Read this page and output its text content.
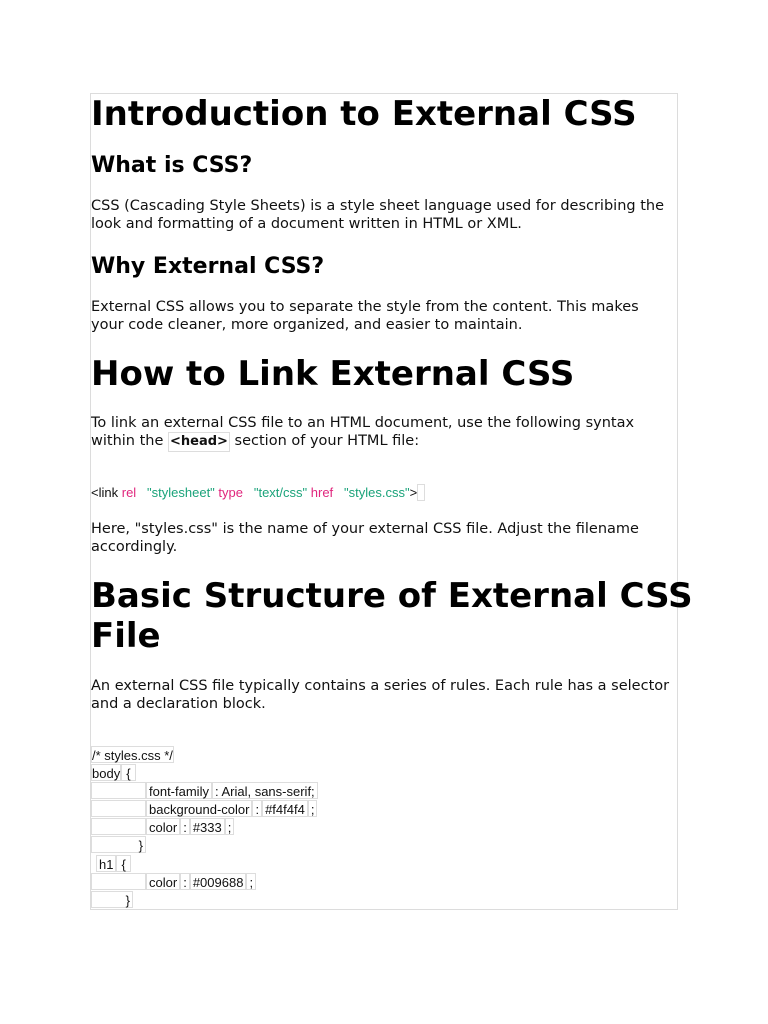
Introduction to External CSS
What is CSS?

CSS (Cascading Style Sheets) is a style sheet language used for describing the look and formatting of a document written in HTML or XML.

Why External CSS?

External CSS allows you to separate the style from the content. This makes your code cleaner, more organized, and easier to maintain.

How to Link External CSS

To link an external CSS file to an HTML document, use the following syntax within the <head> section of your HTML file:

<link rel "stylesheet" type "text/css" href "styles.css">

Here, "styles.css" is the name of your external CSS file. Adjust the filename accordingly.

Basic Structure of External CSS File

An external CSS file typically contains a series of rules. Each rule has a selector and a declaration block.

/* styles.css */
body {
font-family : Arial, sans-serif;
background-color : #f4f4f4 ;
color : #333 ;
}
h1 {
color : #009688 ;
}
